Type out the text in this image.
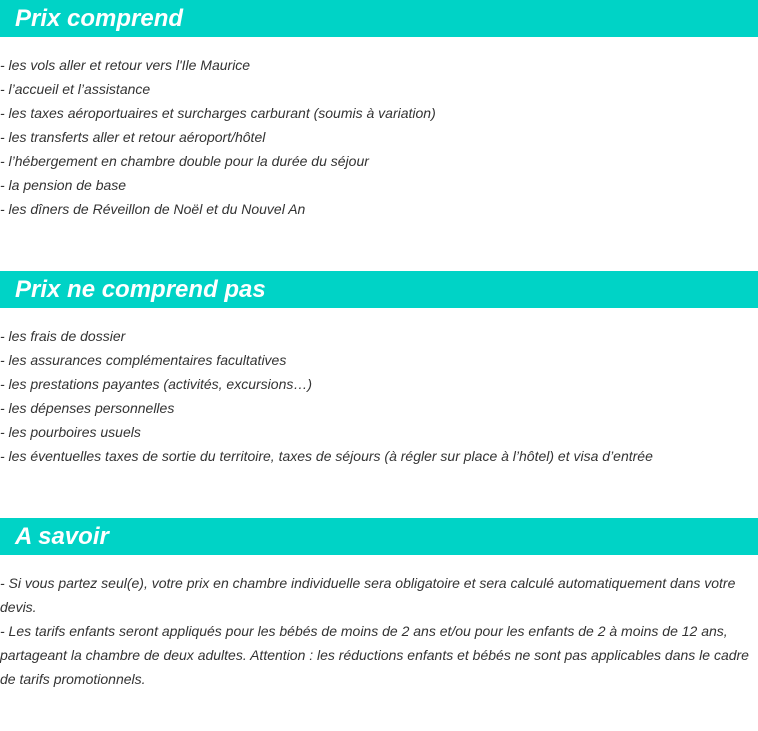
Prix comprend
- les vols aller et retour vers l'Ile Maurice
- l’accueil et l’assistance
- les taxes aéroportuaires et surcharges carburant (soumis à variation)
- les transferts aller et retour aéroport/hôtel
- l’hébergement en chambre double pour la durée du séjour
- la pension de base
- les dîners de Réveillon de Noël et du Nouvel An
Prix ne comprend pas
- les frais de dossier
- les assurances complémentaires facultatives
- les prestations payantes (activités, excursions…)
- les dépenses personnelles
- les pourboires usuels
- les éventuelles taxes de sortie du territoire, taxes de séjours (à régler sur place à l’hôtel) et visa d’entrée
A savoir

- Si vous partez seul(e), votre prix en chambre individuelle sera obligatoire et sera calculé automatiquement dans votre devis.

- Les tarifs enfants seront appliqués pour les bébés de moins de 2 ans et/ou pour les enfants de 2 à moins de 12 ans, partageant la chambre de deux adultes. Attention : les réductions enfants et bébés ne sont pas applicables dans le cadre de tarifs promotionnels.
